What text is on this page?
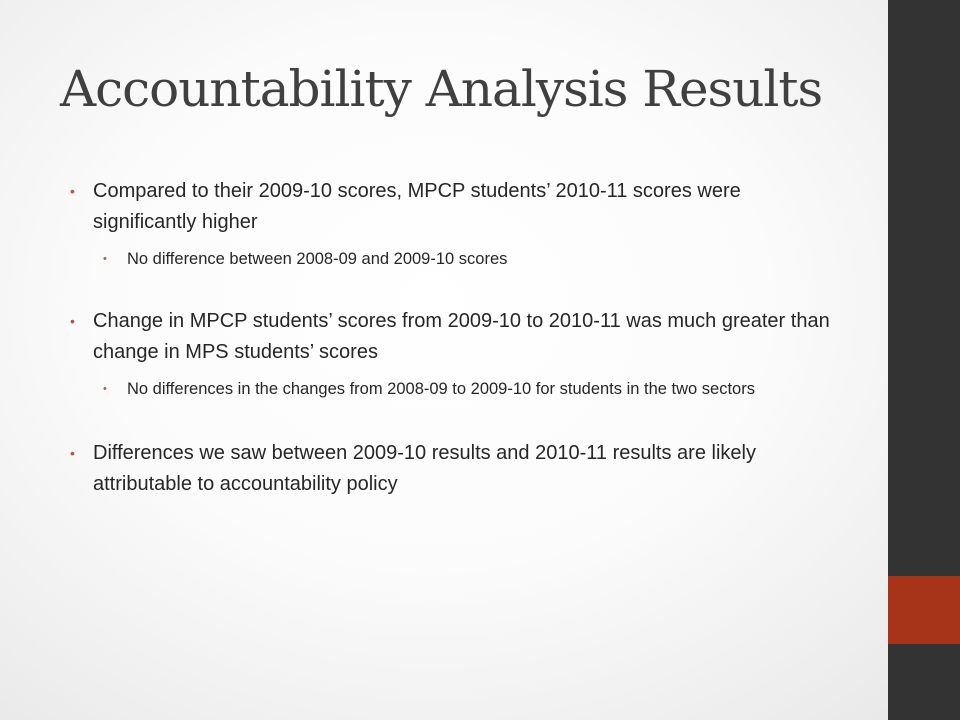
Accountability Analysis Results
• Compared to their 2009-10 scores, MPCP students’ 2010-11 scores were significantly higher
• No difference between 2008-09 and 2009-10 scores
• Change in MPCP students’ scores from 2009-10 to 2010-11 was much greater than change in MPS students’ scores
• No differences in the changes from 2008-09 to 2009-10 for students in the two sectors
• Differences we saw between 2009-10 results and 2010-11 results are likely attributable to accountability policy
